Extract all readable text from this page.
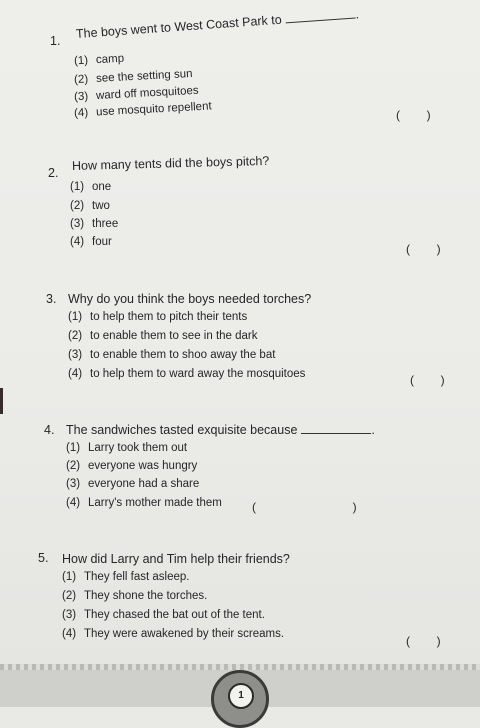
1.
The boys went to West Coast Park to	.
(1) camp
(2) see the setting sun
(3) ward off mosquitoes
(4) use mosquito repellent	(        )
2.
How many tents did the boys pitch?
(1) one
(2) two
(3) three
(4) four	(        )
3. Why do you think the boys needed torches?
(1) to help them to pitch their tents
(2) to enable them to see in the dark
(3) to enable them to shoo away the bat
(4) to help them to ward away the mosquitoes	(        )
4. The sandwiches tasted exquisite because	.
(1) Larry took them out
(2) everyone was hungry
(3) everyone had a share
(4) Larry's mother made them	(                             )
5. How did Larry and Tim help their friends?
(1) They fell fast asleep.
(2) They shone the torches.
(3) They chased the bat out of the tent.
(4) They were awakened by their screams.	(        )
1
